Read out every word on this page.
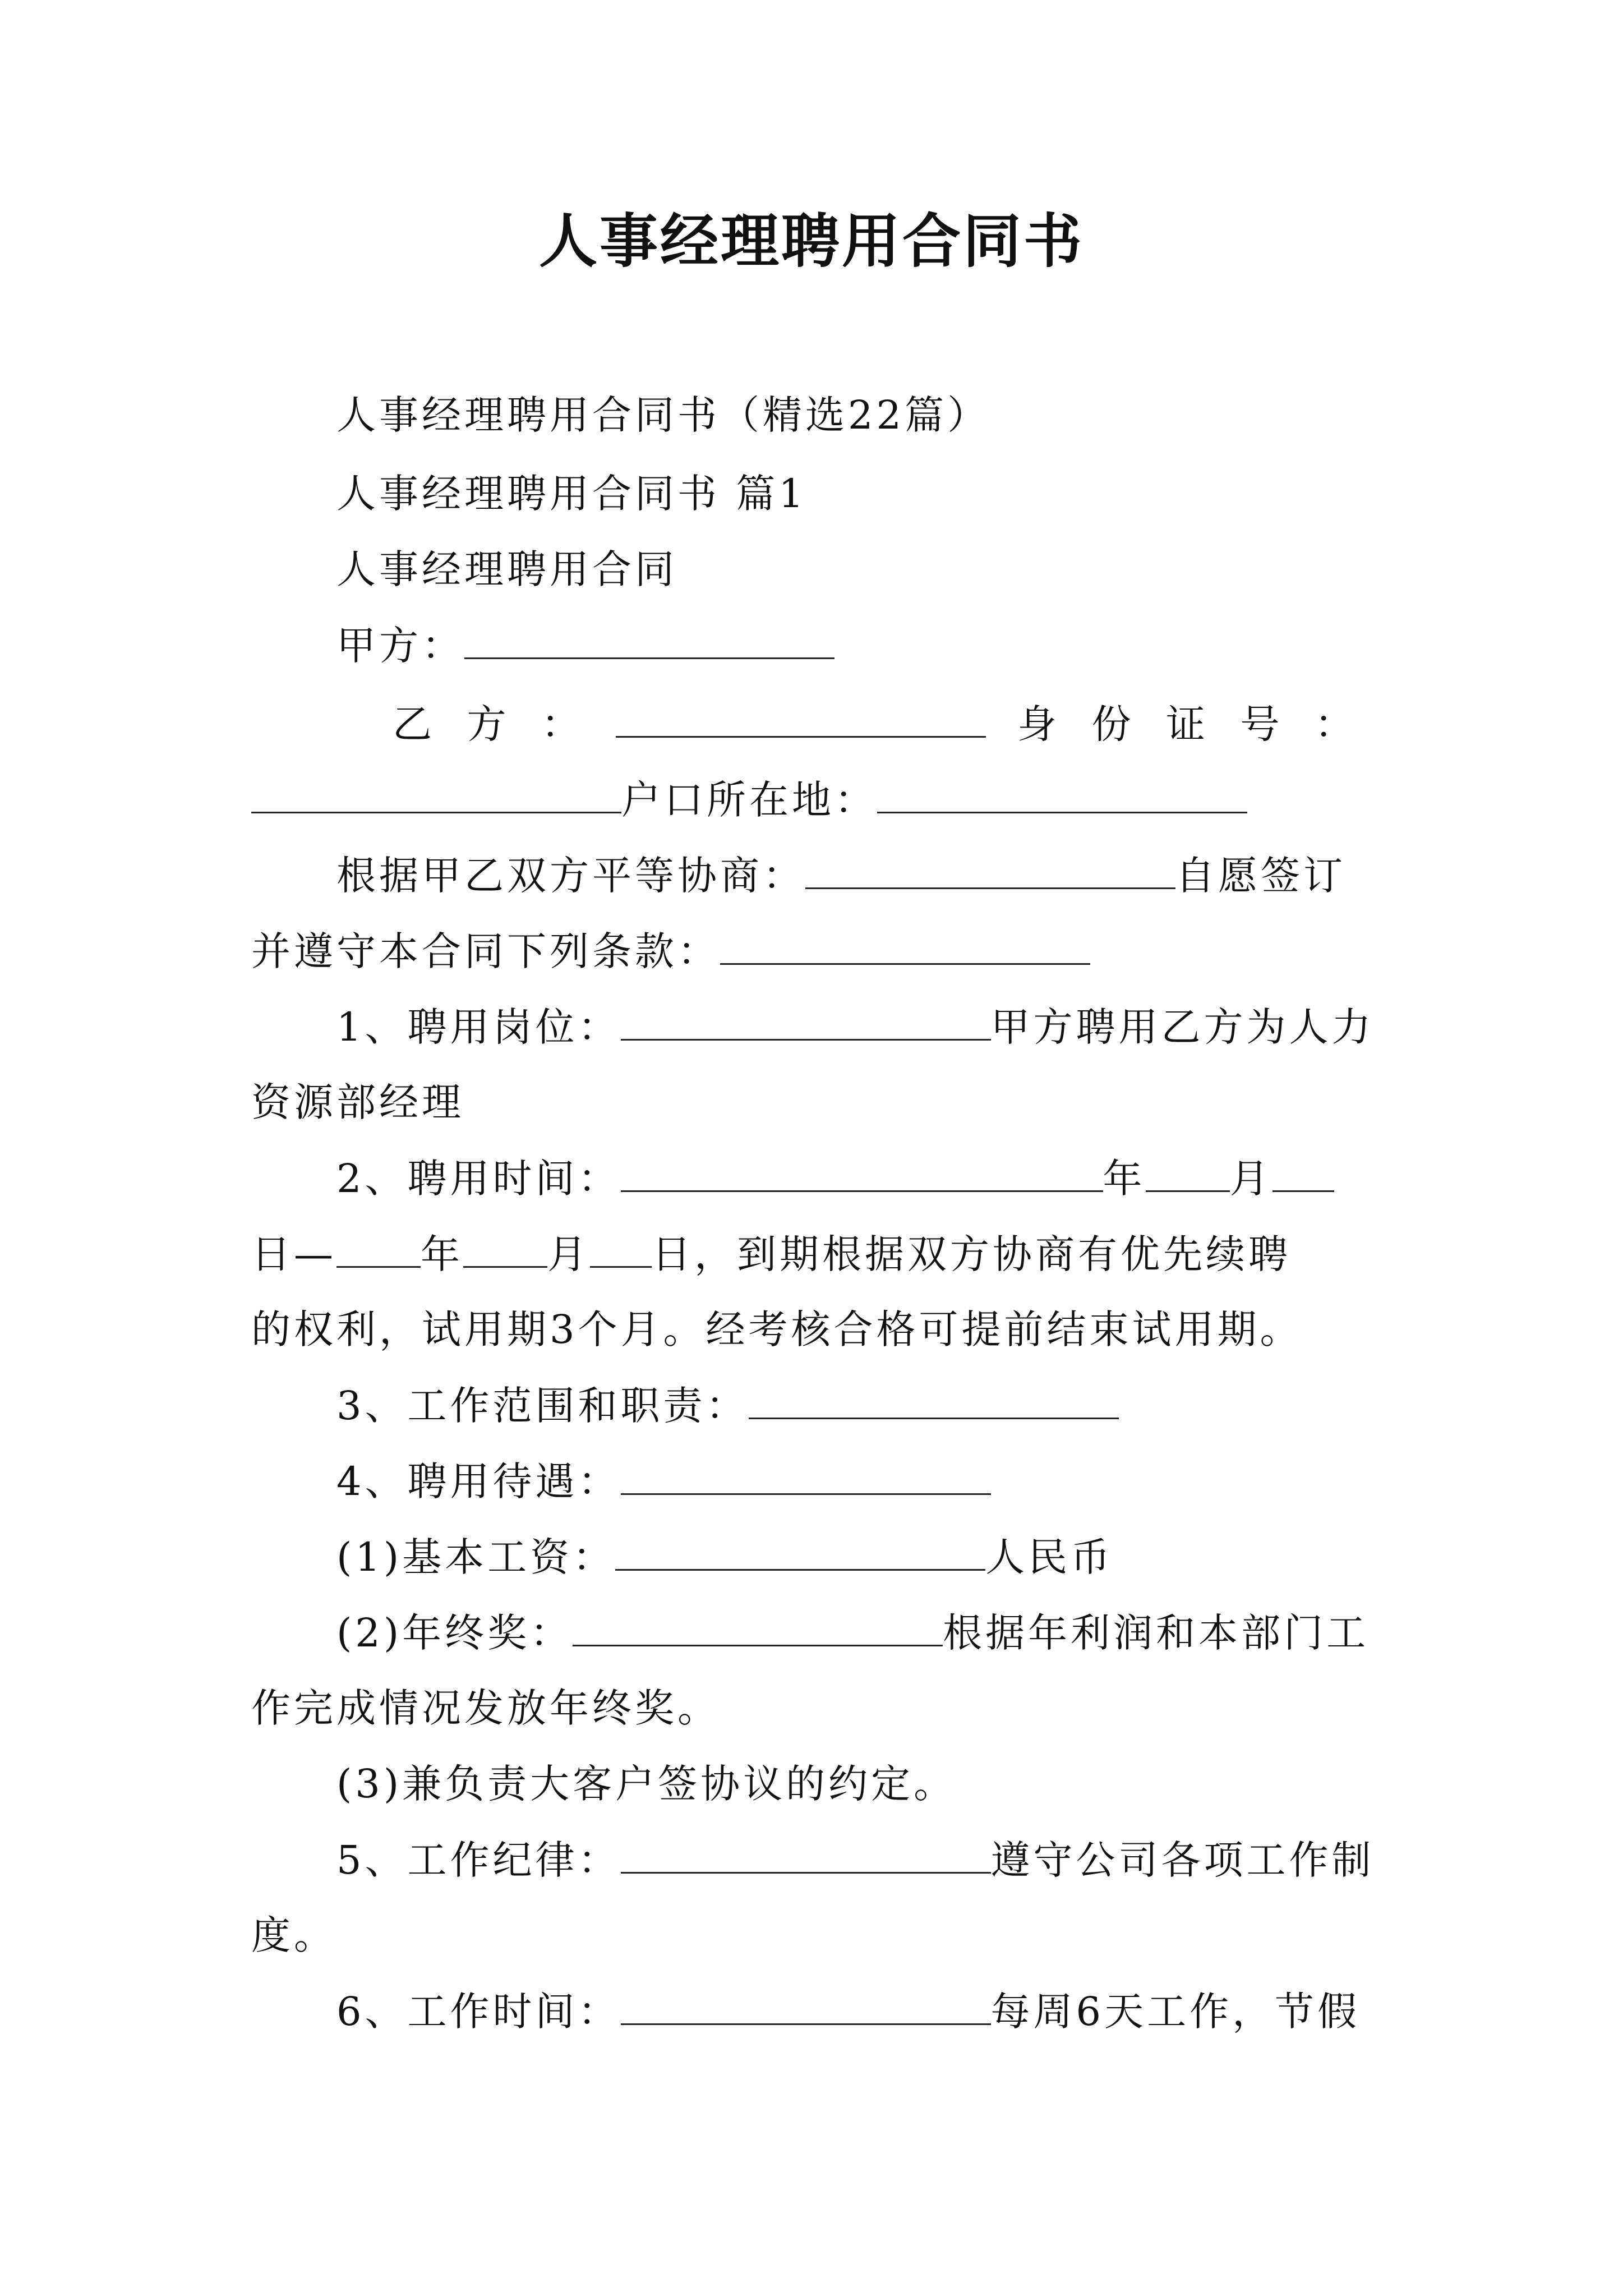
人事经理聘用合同书
人事经理聘用合同书（精选22篇）
人事经理聘用合同书 篇1
人事经理聘用合同
甲方：
乙 方 ：	身 份 证 号 ：
户口所在地：
根据甲乙双方平等协商：	自愿签订
并遵守本合同下列条款：
1、聘用岗位：	甲方聘用乙方为人力
资源部经理
2、聘用时间：	年 月
日— 年 月 日，到期根据双方协商有优先续聘
的权利，试用期3个月。经考核合格可提前结束试用期。
3、工作范围和职责：
4、聘用待遇：
(1)基本工资：	人民币
(2)年终奖：	根据年利润和本部门工
作完成情况发放年终奖。
(3)兼负责大客户签协议的约定。
5、工作纪律：	遵守公司各项工作制
度。
6、工作时间：	每周6天工作，节假
